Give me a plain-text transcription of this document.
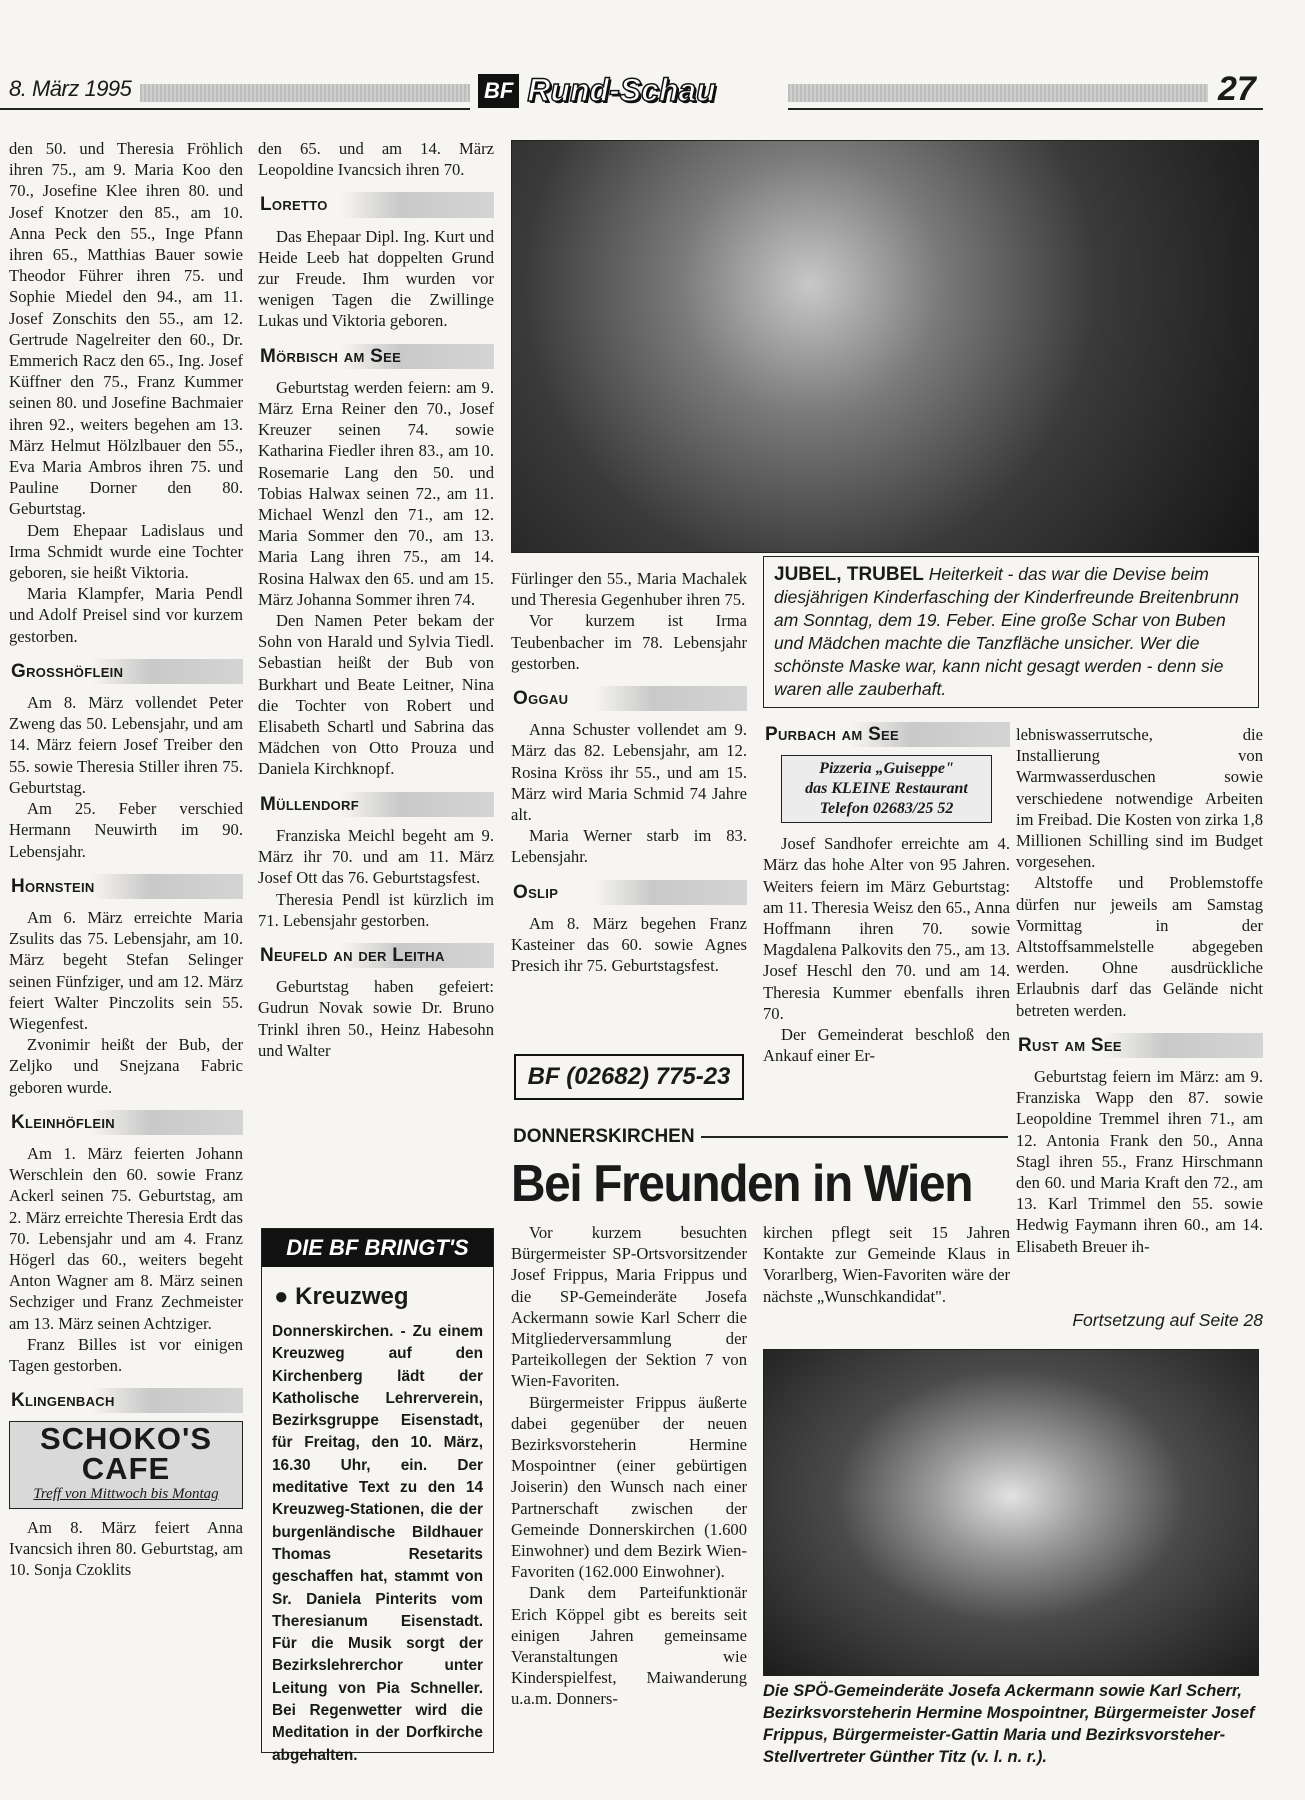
8. März 1995	BF Rund-Schau	27

den 50. und Theresia Fröhlich ihren 75., am 9. Maria Koo den 70., Josefine Klee ihren 80. und Josef Knotzer den 85., am 10. Anna Peck den 55., Inge Pfann ihren 65., Matthias Bauer sowie Theodor Führer ihren 75. und Sophie Miedel den 94., am 11. Josef Zonschits den 55., am 12. Gertrude Nagelreiter den 60., Dr. Emmerich Racz den 65., Ing. Josef Küffner den 75., Franz Kummer seinen 80. und Josefine Bachmaier ihren 92., weiters begehen am 13. März Helmut Hölzlbauer den 55., Eva Maria Ambros ihren 75. und Pauline Dorner den 80. Geburtstag.

Dem Ehepaar Ladislaus und Irma Schmidt wurde eine Tochter geboren, sie heißt Viktoria.

Maria Klampfer, Maria Pendl und Adolf Preisel sind vor kurzem gestorben.

Grosshöflein

Am 8. März vollendet Peter Zweng das 50. Lebensjahr, und am 14. März feiern Josef Treiber den 55. sowie Theresia Stiller ihren 75. Geburtstag.

Am 25. Feber verschied Hermann Neuwirth im 90. Lebensjahr.

Hornstein

Am 6. März erreichte Maria Zsulits das 75. Lebensjahr, am 10. März begeht Stefan Selinger seinen Fünfziger, und am 12. März feiert Walter Pinczolits sein 55. Wiegenfest.

Zvonimir heißt der Bub, der Zeljko und Snejzana Fabric geboren wurde.

Kleinhöflein

Am 1. März feierten Johann Werschlein den 60. sowie Franz Ackerl seinen 75. Geburtstag, am 2. März erreichte Theresia Erdt das 70. Lebensjahr und am 4. Franz Högerl das 60., weiters begeht Anton Wagner am 8. März seinen Sechziger und Franz Zechmeister am 13. März seinen Achtziger.

Franz Billes ist vor einigen Tagen gestorben.

Klingenbach
SCHOKO'S CAFE
Treff von Mittwoch bis Montag

Am 8. März feiert Anna Ivancsich ihren 80. Geburtstag, am 10. Sonja Czoklits

den 65. und am 14. März Leopoldine Ivancsich ihren 70.

Loretto

Das Ehepaar Dipl. Ing. Kurt und Heide Leeb hat doppelten Grund zur Freude. Ihm wurden vor wenigen Tagen die Zwillinge Lukas und Viktoria geboren.

Mörbisch am See

Geburtstag werden feiern: am 9. März Erna Reiner den 70., Josef Kreuzer seinen 74. sowie Katharina Fiedler ihren 83., am 10. Rosemarie Lang den 50. und Tobias Halwax seinen 72., am 11. Michael Wenzl den 71., am 12. Maria Sommer den 70., am 13. Maria Lang ihren 75., am 14. Rosina Halwax den 65. und am 15. März Johanna Sommer ihren 74.

Den Namen Peter bekam der Sohn von Harald und Sylvia Tiedl. Sebastian heißt der Bub von Burkhart und Beate Leitner, Nina die Tochter von Robert und Elisabeth Schartl und Sabrina das Mädchen von Otto Prouza und Daniela Kirchknopf.

Müllendorf

Franziska Meichl begeht am 9. März ihr 70. und am 11. März Josef Ott das 76. Geburtstagsfest.

Theresia Pendl ist kürzlich im 71. Lebensjahr gestorben.

Neufeld an der Leitha

Geburtstag haben gefeiert: Gudrun Novak sowie Dr. Bruno Trinkl ihren 50., Heinz Habesohn und Walter

DIE BF BRINGT'S
● Kreuzweg
Donnerskirchen. - Zu einem Kreuzweg auf den Kirchenberg lädt der Katholische Lehrerverein, Bezirksgruppe Eisenstadt, für Freitag, den 10. März, 16.30 Uhr, ein. Der meditative Text zu den 14 Kreuzweg-Stationen, die der burgenländische Bildhauer Thomas Resetarits geschaffen hat, stammt von Sr. Daniela Pinterits vom Theresianum Eisenstadt. Für die Musik sorgt der Bezirkslehrerchor unter Leitung von Pia Schneller. Bei Regenwetter wird die Meditation in der Dorfkirche abgehalten.
JUBEL, TRUBEL Heiterkeit - das war die Devise beim diesjährigen Kinderfasching der Kinderfreunde Breitenbrunn am Sonntag, dem 19. Feber. Eine große Schar von Buben und Mädchen machte die Tanzfläche unsicher. Wer die schönste Maske war, kann nicht gesagt werden - denn sie waren alle zauberhaft.

Fürlinger den 55., Maria Machalek und Theresia Gegenhuber ihren 75.

Vor kurzem ist Irma Teubenbacher im 78. Lebensjahr gestorben.

Oggau

Anna Schuster vollendet am 9. März das 82. Lebensjahr, am 12. Rosina Kröss ihr 55., und am 15. März wird Maria Schmid 74 Jahre alt.

Maria Werner starb im 83. Lebensjahr.

Oslip

Am 8. März begehen Franz Kasteiner das 60. sowie Agnes Presich ihr 75. Geburtstagsfest.

BF (02682) 775-23
Purbach am See
Pizzeria „Guiseppe"
das KLEINE Restaurant
Telefon 02683/25 52

Josef Sandhofer erreichte am 4. März das hohe Alter von 95 Jahren. Weiters feiern im März Geburtstag: am 11. Theresia Weisz den 65., Anna Hoffmann ihren 70. sowie Magdalena Palkovits den 75., am 13. Josef Heschl den 70. und am 14. Theresia Kummer ebenfalls ihren 70.

Der Gemeinderat beschloß den Ankauf einer Er-

lebniswasserrutsche, die Installierung von Warmwasserduschen sowie verschiedene notwendige Arbeiten im Freibad. Die Kosten von zirka 1,8 Millionen Schilling sind im Budget vorgesehen.

Altstoffe und Problemstoffe dürfen nur jeweils am Samstag Vormittag in der Altstoffsammelstelle abgegeben werden. Ohne ausdrückliche Erlaubnis darf das Gelände nicht betreten werden.

Rust am See

Geburtstag feiern im März: am 9. Franziska Wapp den 87. sowie Leopoldine Tremmel ihren 71., am 12. Antonia Frank den 50., Anna Stagl ihren 55., Franz Hirschmann den 60. und Maria Kraft den 72., am 13. Karl Trimmel den 55. sowie Hedwig Faymann ihren 60., am 14. Elisabeth Breuer ih-

Fortsetzung auf Seite 28
DONNERSKIRCHEN
Bei Freunden in Wien

Vor kurzem besuchten Bürgermeister SP-Ortsvorsitzender Josef Frippus, Maria Frippus und die SP-Gemeinderäte Josefa Ackermann sowie Karl Scherr die Mitgliederversammlung der Parteikollegen der Sektion 7 von Wien-Favoriten.

Bürgermeister Frippus äußerte dabei gegenüber der neuen Bezirksvorsteherin Hermine Mospointner (einer gebürtigen Joiserin) den Wunsch nach einer Partnerschaft zwischen der Gemeinde Donnerskirchen (1.600 Einwohner) und dem Bezirk Wien-Favoriten (162.000 Einwohner).

Dank dem Parteifunktionär Erich Köppel gibt es bereits seit einigen Jahren gemeinsame Veranstaltungen wie Kinderspielfest, Maiwanderung u.a.m. Donners-

kirchen pflegt seit 15 Jahren Kontakte zur Gemeinde Klaus in Vorarlberg, Wien-Favoriten wäre der nächste „Wunschkandidat".

Die SPÖ-Gemeinderäte Josefa Ackermann sowie Karl Scherr, Bezirksvorsteherin Hermine Mospointner, Bürgermeister Josef Frippus, Bürgermeister-Gattin Maria und Bezirksvorsteher-Stellvertreter Günther Titz (v. l. n. r.).
